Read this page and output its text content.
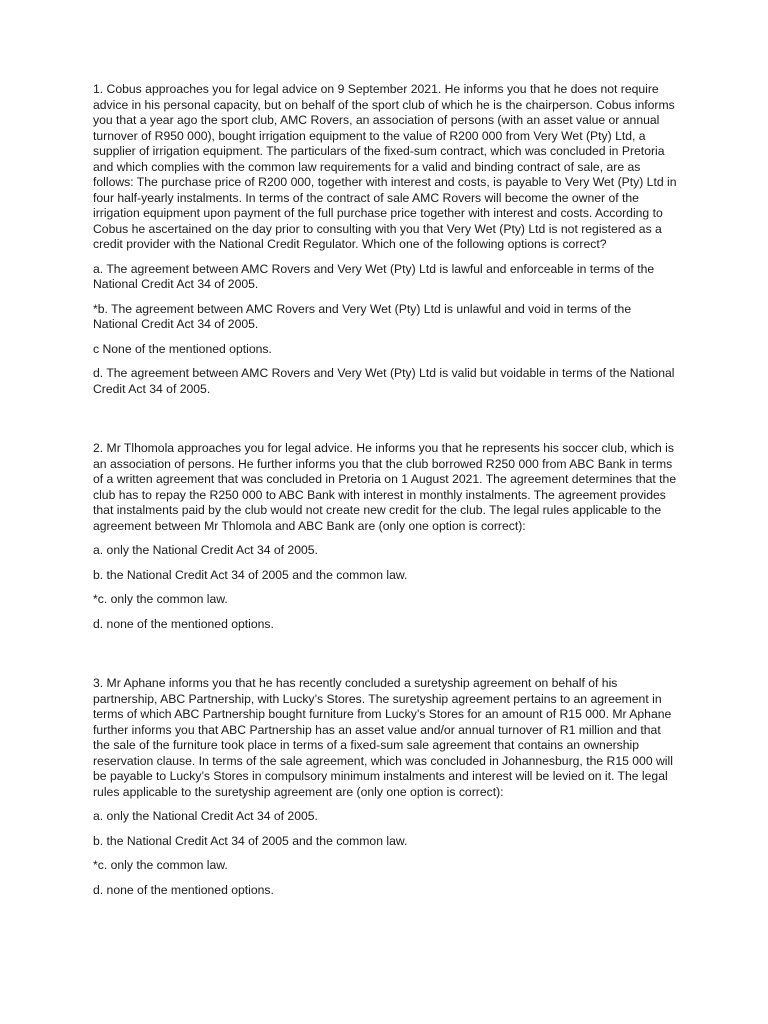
1. Cobus approaches you for legal advice on 9 September 2021. He informs you that he does not require advice in his personal capacity, but on behalf of the sport club of which he is the chairperson. Cobus informs you that a year ago the sport club, AMC Rovers, an association of persons (with an asset value or annual turnover of R950 000), bought irrigation equipment to the value of R200 000 from Very Wet (Pty) Ltd, a supplier of irrigation equipment. The particulars of the fixed-sum contract, which was concluded in Pretoria and which complies with the common law requirements for a valid and binding contract of sale, are as follows: The purchase price of R200 000, together with interest and costs, is payable to Very Wet (Pty) Ltd in four half-yearly instalments. In terms of the contract of sale AMC Rovers will become the owner of the irrigation equipment upon payment of the full purchase price together with interest and costs. According to Cobus he ascertained on the day prior to consulting with you that Very Wet (Pty) Ltd is not registered as a credit provider with the National Credit Regulator. Which one of the following options is correct?

a. The agreement between AMC Rovers and Very Wet (Pty) Ltd is lawful and enforceable in terms of the National Credit Act 34 of 2005.

*b. The agreement between AMC Rovers and Very Wet (Pty) Ltd is unlawful and void in terms of the National Credit Act 34 of 2005.

c None of the mentioned options.

d. The agreement between AMC Rovers and Very Wet (Pty) Ltd is valid but voidable in terms of the National Credit Act 34 of 2005.

2. Mr Tlhomola approaches you for legal advice. He informs you that he represents his soccer club, which is an association of persons. He further informs you that the club borrowed R250 000 from ABC Bank in terms of a written agreement that was concluded in Pretoria on 1 August 2021. The agreement determines that the club has to repay the R250 000 to ABC Bank with interest in monthly instalments. The agreement provides that instalments paid by the club would not create new credit for the club. The legal rules applicable to the agreement between Mr Thlomola and ABC Bank are (only one option is correct):

a. only the National Credit Act 34 of 2005.

b. the National Credit Act 34 of 2005 and the common law.

*c. only the common law.

d. none of the mentioned options.

3. Mr Aphane informs you that he has recently concluded a suretyship agreement on behalf of his partnership, ABC Partnership, with Lucky’s Stores. The suretyship agreement pertains to an agreement in terms of which ABC Partnership bought furniture from Lucky’s Stores for an amount of R15 000. Mr Aphane further informs you that ABC Partnership has an asset value and/or annual turnover of R1 million and that the sale of the furniture took place in terms of a fixed-sum sale agreement that contains an ownership reservation clause. In terms of the sale agreement, which was concluded in Johannesburg, the R15 000 will be payable to Lucky’s Stores in compulsory minimum instalments and interest will be levied on it. The legal rules applicable to the suretyship agreement are (only one option is correct):

a. only the National Credit Act 34 of 2005.

b. the National Credit Act 34 of 2005 and the common law.

*c. only the common law.

d. none of the mentioned options.
